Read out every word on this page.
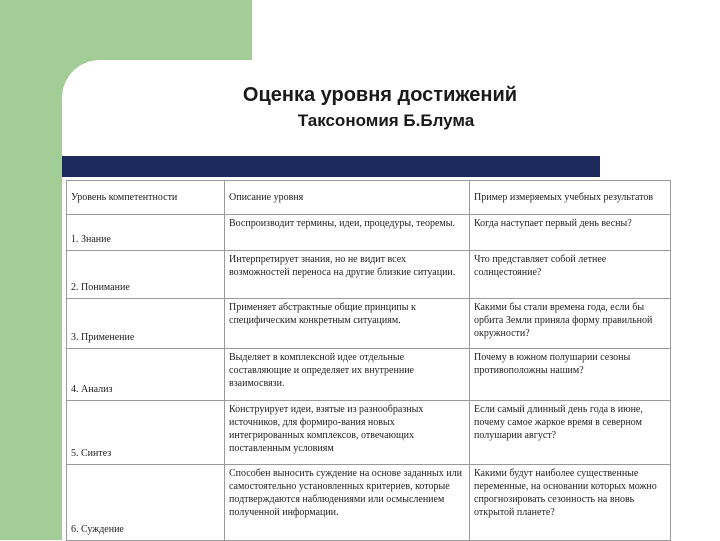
Оценка уровня достижений
Таксономия Б.Блума
Уровень компетентности	Описание уровня	Пример измеряемых учебных результатов
1. Знание	Воспроизводит термины, идеи, процедуры, теоремы.	Когда наступает первый день весны?
2. Понимание	Интерпретирует знания, но не видит всех возможностей переноса на другие близкие ситуации.	Что представляет собой летнее солнцестояние?
3. Применение	Применяет абстрактные общие принципы к специфическим конкретным ситуациям.	Какими бы стали времена года, если бы орбита Земли приняла форму правильной окружности?
4. Анализ	Выделяет в комплексной идее отдельные составляющие и определяет их внутренние взаимосвязи.	Почему в южном полушарии сезоны противоположны нашим?
5. Синтез	Конструирует идеи, взятые из разнообразных источников, для формиро-вания новых интегрированных комплексов, отвечающих поставленным условиям	Если самый длинный день года в июне, почему самое жаркое время в северном полушарии август?
6. Суждение	Способен выносить суждение на основе заданных или самостоятельно установленных критериев, которые подтверждаются наблюдениями или осмыслением полученной информации.	Какими будут наиболее существенные переменные, на основании которых можно спрогнозировать сезонность на вновь открытой планете?
